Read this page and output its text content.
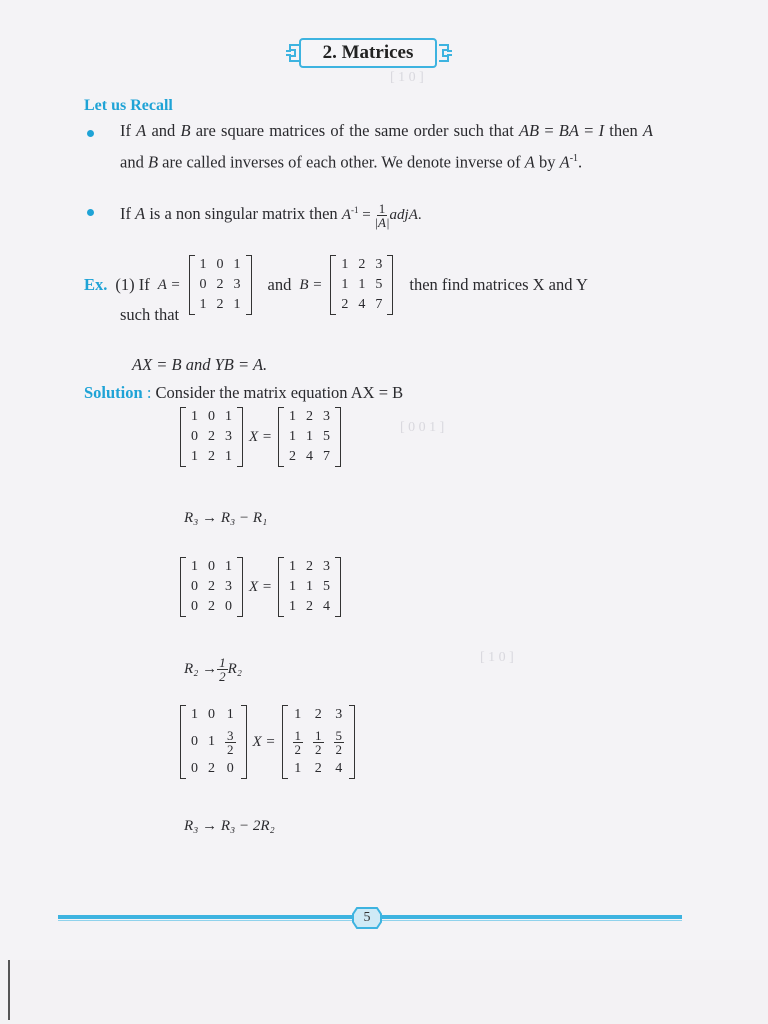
[ 1 0 ]
[ 0 0 1 ]
[ 1 0 ]
2. Matrices
Let us Recall
If A and B are square matrices of the same order such that AB = BA = I then A and B are called inverses of each other. We denote inverse of A by $A^{-1}$.
If A is a non singular matrix then $A^{-1} = \frac{1}{|A|}$ adjA.
Ex. (1) If A =
1	0	1
0	2	3
1	2	1
and B =
1	2	3
1	1	5
2	4	7
then find matrices X and Y
such that
AX = B and YB = A.
Solution : Consider the matrix equation AX = B
1	0	1
0	2	3
1	2	1
X =
1	2	3
1	1	5
2	4	7
R₃ → R₃ − R₁
1	0	1
0	2	3
0	2	0
X =
1	2	3
1	1	5
1	2	4
$R_2 \to \frac{1}{2} R_2$
1	0	1
0	1	$\frac{3}{2}$

0	2	0
X =
1	2	3

$\frac{1}{2}$	$\frac{1}{2}$	$\frac{5}{2}$

1	2	4
R₃ → R₃ − 2R₂
5
